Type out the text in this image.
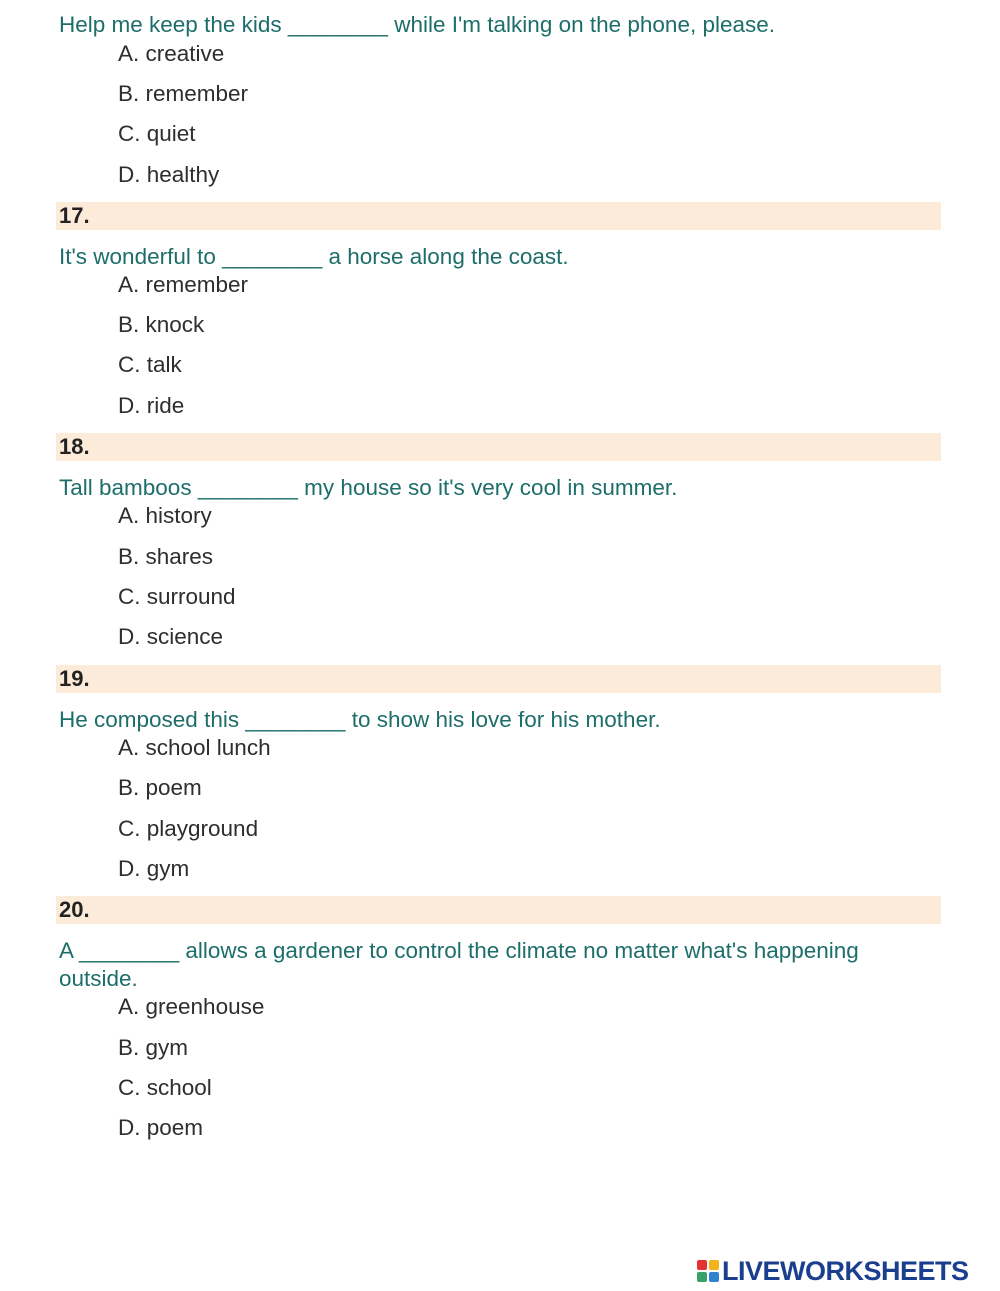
Help me keep the kids ________ while I'm talking on the phone, please.

A. creative

B. remember

C. quiet

D. healthy

17.

It's wonderful to ________ a horse along the coast.

A. remember

B. knock

C. talk

D. ride

18.

Tall bamboos ________ my house so it's very cool in summer.

A. history

B. shares

C. surround

D. science

19.

He composed this ________ to show his love for his mother.

A. school lunch

B. poem

C. playground

D. gym

20.

A ________ allows a gardener to control the climate no matter what's happening outside.

A. greenhouse

B. gym

C. school

D. poem

LIVEWORKSHEETS
